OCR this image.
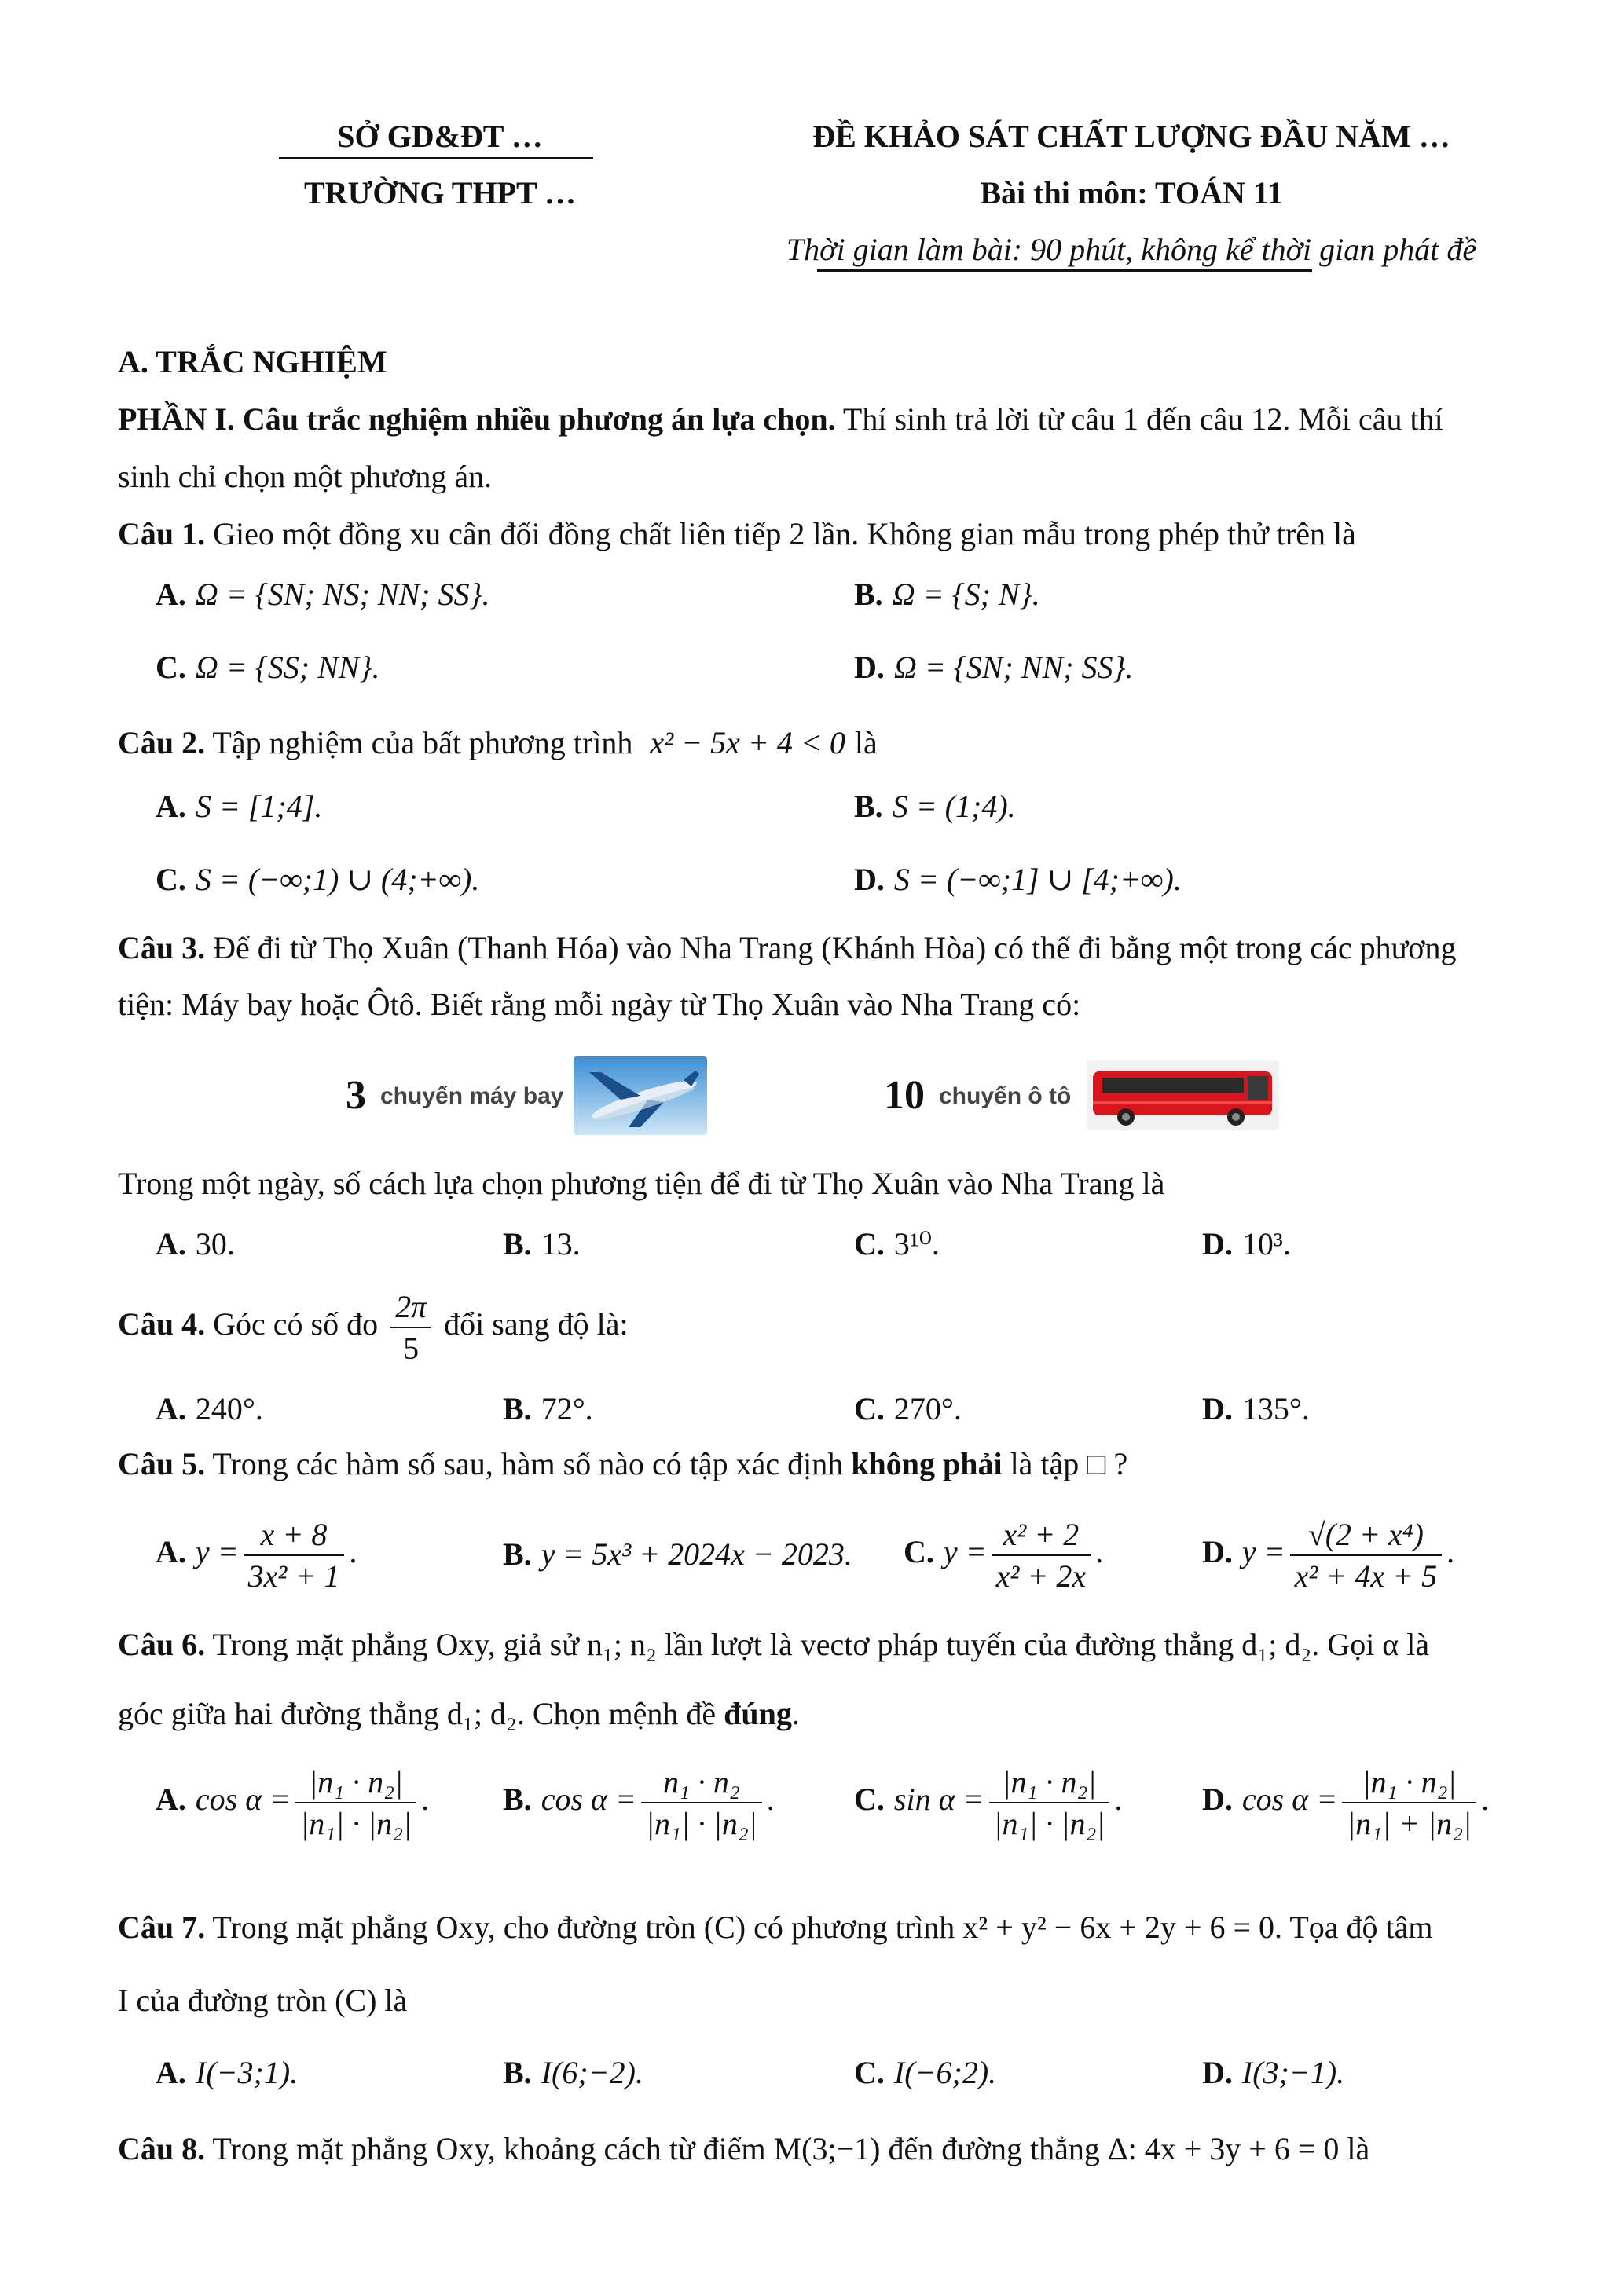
SỞ GD&ĐT …
TRƯỜNG THPT …
ĐỀ KHẢO SÁT CHẤT LƯỢNG ĐẦU NĂM …
Bài thi môn: TOÁN 11
Thời gian làm bài: 90 phút, không kể thời gian phát đề
A. TRẮC NGHIỆM
PHẦN I. Câu trắc nghiệm nhiều phương án lựa chọn. Thí sinh trả lời từ câu 1 đến câu 12. Mỗi câu thí
sinh chỉ chọn một phương án.
Câu 1. Gieo một đồng xu cân đối đồng chất liên tiếp 2 lần. Không gian mẫu trong phép thử trên là
A. Ω = {SN; NS; NN; SS}.	B. Ω = {S; N}.
C. Ω = {SS; NN}.	D. Ω = {SN; NN; SS}.
Câu 2. Tập nghiệm của bất phương trình x² − 5x + 4 < 0 là
A. S = [1;4].	B. S = (1;4).
C. S = (−∞;1) ∪ (4;+∞).	D. S = (−∞;1] ∪ [4;+∞).
Câu 3. Để đi từ Thọ Xuân (Thanh Hóa) vào Nha Trang (Khánh Hòa) có thể đi bằng một trong các phương
tiện: Máy bay hoặc Ôtô. Biết rằng mỗi ngày từ Thọ Xuân vào Nha Trang có:
3 chuyến máy bay	10 chuyến ô tô
Trong một ngày, số cách lựa chọn phương tiện để đi từ Thọ Xuân vào Nha Trang là
A. 30.	B. 13.	C. 3¹⁰.	D. 10³.
Câu 4. Góc có số đo $\frac{2\pi}{5}$ đổi sang độ là:
A. 240°.	B. 72°.	C. 270°.	D. 135°.
Câu 5. Trong các hàm số sau, hàm số nào có tập xác định không phải là tập □ ?
A. $y = \frac{x + 8}{\text{3x² + 1}}$ .	B. y = 5x³ + 2024x − 2023. C. $y = \frac{\text{x² + 2}}{\text{x² + 2x}}$ .	D. $y = \frac{\text{√(2 + x⁴)}}{\text{x² + 4x + 5}}$ .
Câu 6. Trong mặt phẳng Oxy, giả sử n₁; n₂ lần lượt là vectơ pháp tuyến của đường thẳng d₁; d₂. Gọi α là
góc giữa hai đường thẳng d₁; d₂. Chọn mệnh đề đúng.
A. $\cos \alpha = \frac{\text{|n₁ · n₂|}}{\text{|n₁| · |n₂|}}$ . B. $\cos \alpha = \frac{\text{n₁ · n₂}}{\text{|n₁| · |n₂|}}$ .	C. $\sin \alpha = \frac{\text{|n₁ · n₂|}}{\text{|n₁| · |n₂|}}$ .	D. $\cos \alpha = \frac{\text{|n₁ · n₂|}}{\text{|n₁| + |n₂|}}$ .
Câu 7. Trong mặt phẳng Oxy, cho đường tròn (C) có phương trình x² + y² − 6x + 2y + 6 = 0. Tọa độ tâm
I của đường tròn (C) là
A. I(−3;1).	B. I(6;−2).	C. I(−6;2).	D. I(3;−1).
Câu 8. Trong mặt phẳng Oxy, khoảng cách từ điểm M(3;−1) đến đường thẳng Δ: 4x + 3y + 6 = 0 là
